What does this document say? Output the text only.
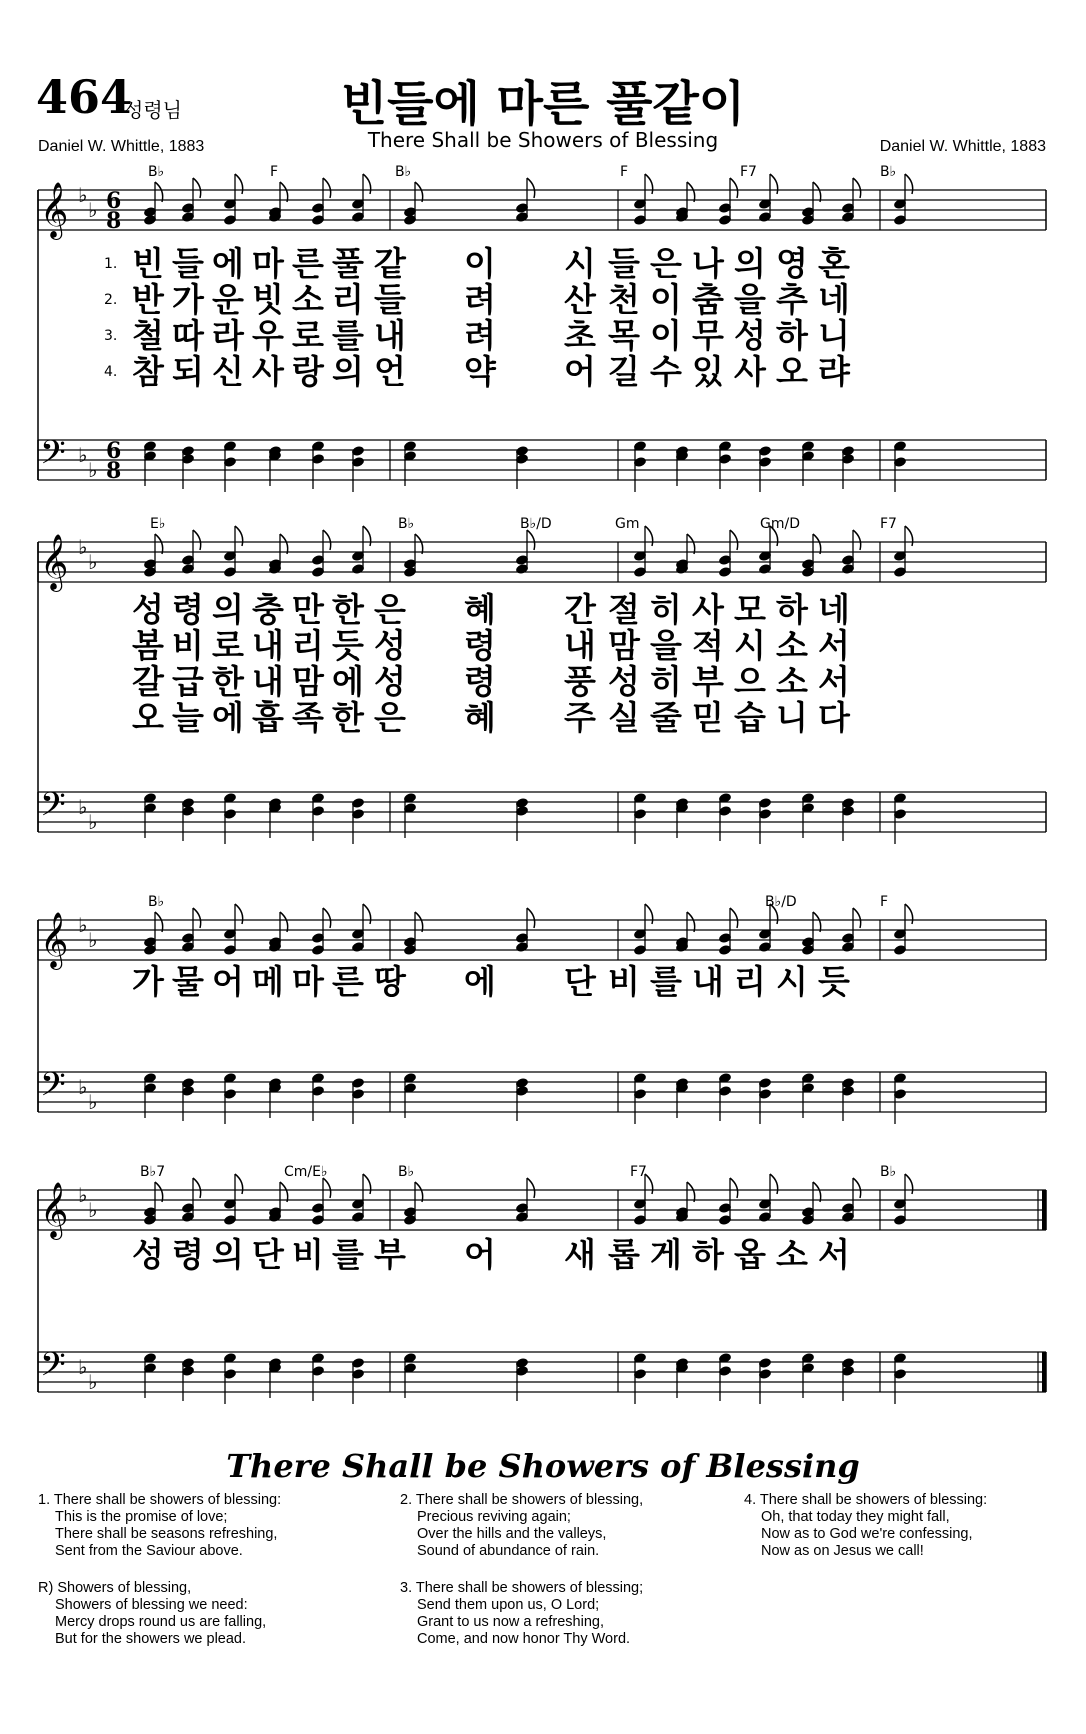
464
성령님	빈들에 마른 풀같이
There Shall be Showers of Blessing
Daniel W. Whittle, 1883	Daniel W. Whittle, 1883
𝄞 ♭
♭
𝄢 ♭
♭
6
6
8
8
B♭	F	B♭	F	F7	B♭
𝄞 ♭
♭
𝄢 ♭
♭
E♭	B♭	B♭/D	Gm	Gm/D	F7
𝄞 ♭
♭
𝄢 ♭
♭
B♭	B♭/D	F
𝄞 ♭
♭
𝄢 ♭
♭
B♭7	Cm/E♭	B♭	F7	B♭
1. 빈 들 에 마 른 풀 같 이 시 들 은 나 의 영 혼
2. 반 가 운 빗 소 리 들 려 산 천 이 춤 을 추 네
3. 철 따 라 우 로 를 내 려 초 목 이 무 성 하 니
4. 참 되 신 사 랑 의 언 약 어 길 수 있 사 오 랴
성 령 의 충 만 한 은 혜 간 절 히 사 모 하 네
봄 비 로 내 리 듯 성 령 내 맘 을 적 시 소 서
갈 급 한 내 맘 에 성 령 풍 성 히 부 으 소 서
오 늘 에 흡 족 한 은 혜 주 실 줄 믿 습 니 다
가 물 어 메 마 른 땅 에 단 비 를 내 리 시 듯
성 령 의 단 비 를 부 어 새 롭 게 하 옵 소 서
There Shall be Showers of Blessing
1. There shall be showers of blessing:
This is the promise of love;
There shall be seasons refreshing,
Sent from the Saviour above.
R) Showers of blessing,
Showers of blessing we need:
Mercy drops round us are falling,
But for the showers we plead.
2. There shall be showers of blessing,
Precious reviving again;
Over the hills and the valleys,
Sound of abundance of rain.
3. There shall be showers of blessing;
Send them upon us, O Lord;
Grant to us now a refreshing,
Come, and now honor Thy Word.
4. There shall be showers of blessing:
Oh, that today they might fall,
Now as to God we're confessing,
Now as on Jesus we call!
